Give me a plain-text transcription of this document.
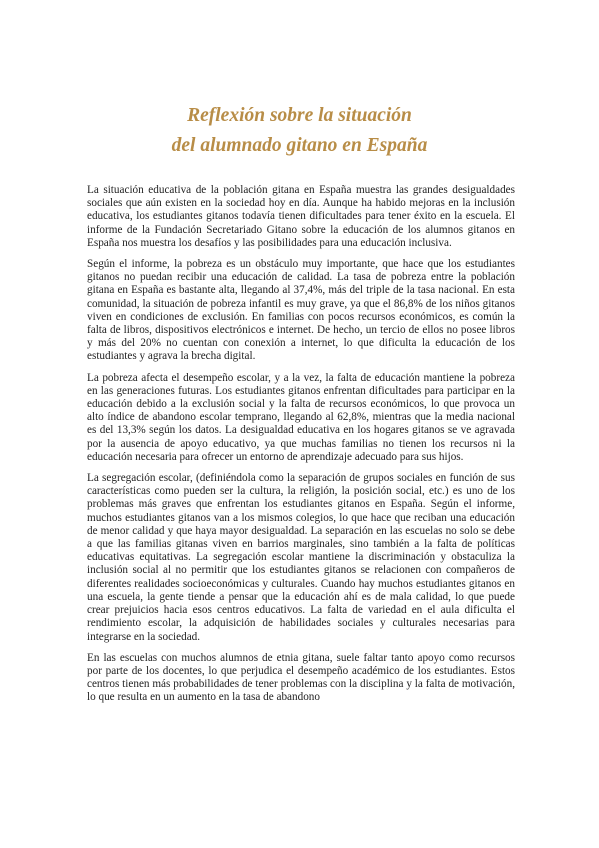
Reflexión sobre la situación
del alumnado gitano en España

La situación educativa de la población gitana en España muestra las grandes desigualdades sociales que aún existen en la sociedad hoy en día. Aunque ha habido mejoras en la inclusión educativa, los estudiantes gitanos todavía tienen dificultades para tener éxito en la escuela. El informe de la Fundación Secretariado Gitano sobre la educación de los alumnos gitanos en España nos muestra los desafíos y las posibilidades para una educación inclusiva.

Según el informe, la pobreza es un obstáculo muy importante, que hace que los estudiantes gitanos no puedan recibir una educación de calidad. La tasa de pobreza entre la población gitana en España es bastante alta, llegando al 37,4%, más del triple de la tasa nacional. En esta comunidad, la situación de pobreza infantil es muy grave, ya que el 86,8% de los niños gitanos viven en condiciones de exclusión. En familias con pocos recursos económicos, es común la falta de libros, dispositivos electrónicos e internet. De hecho, un tercio de ellos no posee libros y más del 20% no cuentan con conexión a internet, lo que dificulta la educación de los estudiantes y agrava la brecha digital.

La pobreza afecta el desempeño escolar, y a la vez, la falta de educación mantiene la pobreza en las generaciones futuras. Los estudiantes gitanos enfrentan dificultades para participar en la educación debido a la exclusión social y la falta de recursos económicos, lo que provoca un alto índice de abandono escolar temprano, llegando al 62,8%, mientras que la media nacional es del 13,3% según los datos. La desigualdad educativa en los hogares gitanos se ve agravada por la ausencia de apoyo educativo, ya que muchas familias no tienen los recursos ni la educación necesaria para ofrecer un entorno de aprendizaje adecuado para sus hijos.

La segregación escolar, (definiéndola como la separación de grupos sociales en función de sus características como pueden ser la cultura, la religión, la posición social, etc.) es uno de los problemas más graves que enfrentan los estudiantes gitanos en España. Según el informe, muchos estudiantes gitanos van a los mismos colegios, lo que hace que reciban una educación de menor calidad y que haya mayor desigualdad. La separación en las escuelas no solo se debe a que las familias gitanas viven en barrios marginales, sino también a la falta de políticas educativas equitativas. La segregación escolar mantiene la discriminación y obstaculiza la inclusión social al no permitir que los estudiantes gitanos se relacionen con compañeros de diferentes realidades socioeconómicas y culturales. Cuando hay muchos estudiantes gitanos en una escuela, la gente tiende a pensar que la educación ahí es de mala calidad, lo que puede crear prejuicios hacia esos centros educativos. La falta de variedad en el aula dificulta el rendimiento escolar, la adquisición de habilidades sociales y culturales necesarias para integrarse en la sociedad.

En las escuelas con muchos alumnos de etnia gitana, suele faltar tanto apoyo como recursos por parte de los docentes, lo que perjudica el desempeño académico de los estudiantes. Estos centros tienen más probabilidades de tener problemas con la disciplina y la falta de motivación, lo que resulta en un aumento en la tasa de abandono
